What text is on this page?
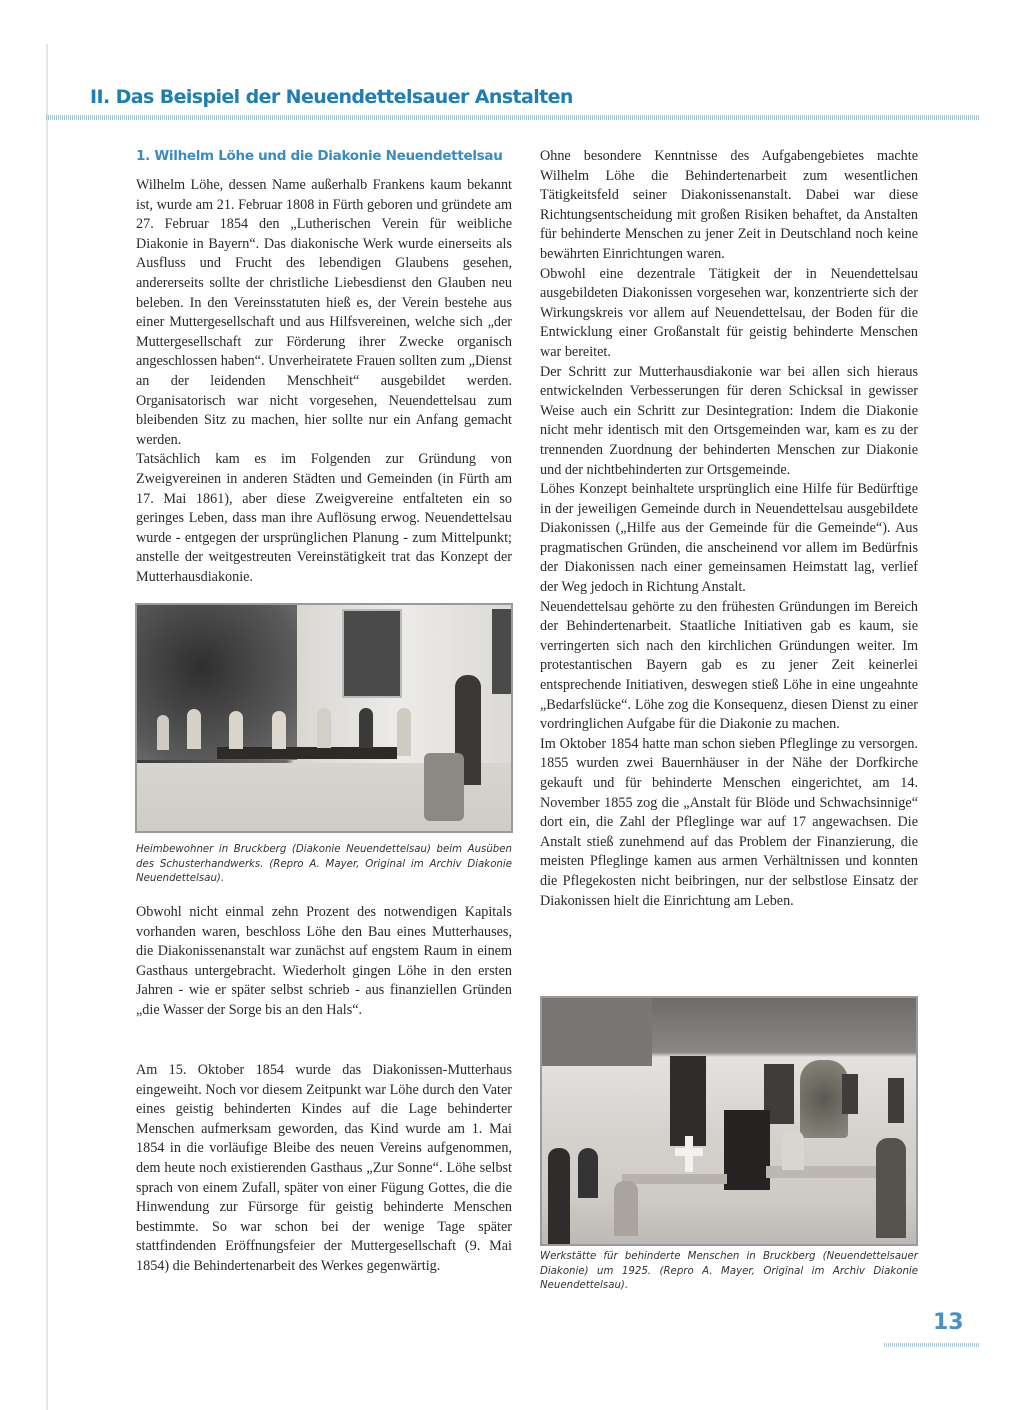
II. Das Beispiel der Neuendettelsauer Anstalten
1. Wilhelm Löhe und die Diakonie Neuendettelsau

Wilhelm Löhe, dessen Name außerhalb Frankens kaum bekannt ist, wurde am 21. Februar 1808 in Fürth geboren und gründete am 27. Februar 1854 den „Lutherischen Verein für weibliche Diakonie in Bayern“. Das diakonische Werk wurde einerseits als Ausfluss und Frucht des lebendigen Glaubens gesehen, andererseits sollte der christliche Liebesdienst den Glauben neu beleben. In den Vereinsstatuten hieß es, der Verein bestehe aus einer Muttergesellschaft und aus Hilfsvereinen, welche sich „der Muttergesellschaft zur Förderung ihrer Zwecke organisch angeschlossen haben“. Unverheiratete Frauen sollten zum „Dienst an der leidenden Menschheit“ ausgebildet werden. Organisatorisch war nicht vorgesehen, Neuendettelsau zum bleibenden Sitz zu machen, hier sollte nur ein Anfang gemacht werden.

Tatsächlich kam es im Folgenden zur Gründung von Zweigvereinen in anderen Städten und Gemeinden (in Fürth am 17. Mai 1861), aber diese Zweigvereine entfalteten ein so geringes Leben, dass man ihre Auflösung erwog. Neuendettelsau wurde - entgegen der ursprünglichen Planung - zum Mittelpunkt; anstelle der weitgestreuten Vereinstätigkeit trat das Konzept der Mutterhausdiakonie.

Heimbewohner in Bruckberg (Diakonie Neuendettelsau) beim Ausüben des Schusterhandwerks. (Repro A. Mayer, Original im Archiv Diakonie Neuendettelsau).

Obwohl nicht einmal zehn Prozent des notwendigen Kapitals vorhanden waren, beschloss Löhe den Bau eines Mutterhauses, die Diakonissenanstalt war zunächst auf engstem Raum in einem Gasthaus untergebracht. Wiederholt gingen Löhe in den ersten Jahren - wie er später selbst schrieb - aus finanziellen Gründen „die Wasser der Sorge bis an den Hals“.

Am 15. Oktober 1854 wurde das Diakonissen-Mutterhaus eingeweiht. Noch vor diesem Zeitpunkt war Löhe durch den Vater eines geistig behinderten Kindes auf die Lage behinderter Menschen aufmerksam geworden, das Kind wurde am 1. Mai 1854 in die vorläufige Bleibe des neuen Vereins aufgenommen, dem heute noch existierenden Gasthaus „Zur Sonne“. Löhe selbst sprach von einem Zufall, später von einer Fügung Gottes, die die Hinwendung zur Fürsorge für geistig behinderte Menschen bestimmte. So war schon bei der wenige Tage später stattfindenden Eröffnungsfeier der Muttergesellschaft (9. Mai 1854) die Behindertenarbeit des Werkes gegenwärtig.

Ohne besondere Kenntnisse des Aufgabengebietes machte Wilhelm Löhe die Behindertenarbeit zum wesentlichen Tätigkeitsfeld seiner Diakonissenanstalt. Dabei war diese Richtungsentscheidung mit großen Risiken behaftet, da Anstalten für behinderte Menschen zu jener Zeit in Deutschland noch keine bewährten Einrichtungen waren.

Obwohl eine dezentrale Tätigkeit der in Neuendettelsau ausgebildeten Diakonissen vorgesehen war, konzentrierte sich der Wirkungskreis vor allem auf Neuendettelsau, der Boden für die Entwicklung einer Großanstalt für geistig behinderte Menschen war bereitet.

Der Schritt zur Mutterhausdiakonie war bei allen sich hieraus entwickelnden Verbesserungen für deren Schicksal in gewisser Weise auch ein Schritt zur Desintegration: Indem die Diakonie nicht mehr identisch mit den Ortsgemeinden war, kam es zu der trennenden Zuordnung der behinderten Menschen zur Diakonie und der nichtbehinderten zur Ortsgemeinde.

Löhes Konzept beinhaltete ursprünglich eine Hilfe für Bedürftige in der jeweiligen Gemeinde durch in Neuendettelsau ausgebildete Diakonissen („Hilfe aus der Gemeinde für die Gemeinde“). Aus pragmatischen Gründen, die anscheinend vor allem im Bedürfnis der Diakonissen nach einer gemeinsamen Heimstatt lag, verlief der Weg jedoch in Richtung Anstalt.

Neuendettelsau gehörte zu den frühesten Gründungen im Bereich der Behindertenarbeit. Staatliche Initiativen gab es kaum, sie verringerten sich nach den kirchlichen Gründungen weiter. Im protestantischen Bayern gab es zu jener Zeit keinerlei entsprechende Initiativen, deswegen stieß Löhe in eine ungeahnte „Bedarfslücke“. Löhe zog die Konsequenz, diesen Dienst zu einer vordringlichen Aufgabe für die Diakonie zu machen.

Im Oktober 1854 hatte man schon sieben Pfleglinge zu versorgen. 1855 wurden zwei Bauernhäuser in der Nähe der Dorfkirche gekauft und für behinderte Menschen eingerichtet, am 14. November 1855 zog die „Anstalt für Blöde und Schwachsinnige“ dort ein, die Zahl der Pfleglinge war auf 17 angewachsen. Die Anstalt stieß zunehmend auf das Problem der Finanzierung, die meisten Pfleglinge kamen aus armen Verhältnissen und konnten die Pflegekosten nicht beibringen, nur der selbstlose Einsatz der Diakonissen hielt die Einrichtung am Leben.

Werkstätte für behinderte Menschen in Bruckberg (Neuendettelsauer Diakonie) um 1925. (Repro A. Mayer, Original im Archiv Diakonie Neuendettelsau).

13
